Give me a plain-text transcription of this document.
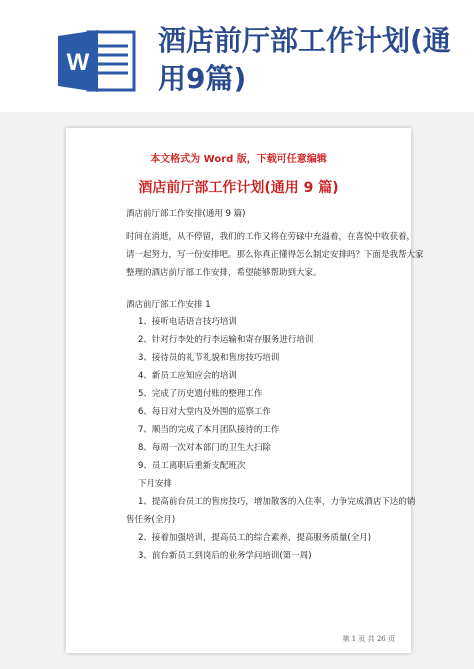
W
酒店前厅部工作计划(通用9篇)
本文格式为 Word 版，下载可任意编辑
酒店前厅部工作计划(通用 9 篇)
酒店前厅部工作安排(通用 9 篇)
时间在消逝，从不停留，我们的工作又将在劳碌中充溢着，在喜悦中收获着，
请一起努力，写一份安排吧。那么你真正懂得怎么制定安排吗？下面是我帮大家
整理的酒店前厅部工作安排，希望能够帮助到大家。
酒店前厅部工作安排 1
1、接听电话语言技巧培训
2、针对行李处的行李运输和寄存服务进行培训
3、接待员的礼节礼貌和售房技巧培训
4、新员工应知应会的培训
5、完成了历史遗付账的整理工作
6、每日对大堂内及外围的巡察工作
7、顺当的完成了本月团队接待的工作
8、每周一次对本部门的卫生大扫除
9、员工离职后重新支配班次
下月安排
1、提高前台员工的售房技巧，增加散客的入住率，力争完成酒店下达的销
售任务(全月)
2、接着加强培训，提高员工的综合素养，提高服务质量(全月)
3、前台新员工到岗后的业务学问培训(第一周)
第 1 页 共 26 页
